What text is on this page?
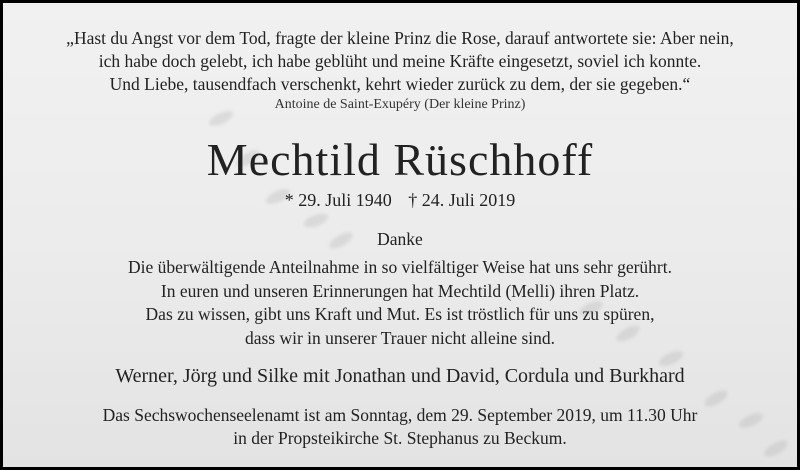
„Hast du Angst vor dem Tod, fragte der kleine Prinz die Rose, darauf antwortete sie: Aber nein,
ich habe doch gelebt, ich habe geblüht und meine Kräfte eingesetzt, soviel ich konnte.
Und Liebe, tausendfach verschenkt, kehrt wieder zurück zu dem, der sie gegeben.“

Antoine de Saint-Exupéry (Der kleine Prinz)
Mechtild Rüschhoff
* 29. Juli 1940 † 24. Juli 2019
Danke

Die überwältigende Anteilnahme in so vielfältiger Weise hat uns sehr gerührt.
In euren und unseren Erinnerungen hat Mechtild (Melli) ihren Platz.
Das zu wissen, gibt uns Kraft und Mut. Es ist tröstlich für uns zu spüren,
dass wir in unserer Trauer nicht alleine sind.

Werner, Jörg und Silke mit Jonathan und David, Cordula und Burkhard

Das Sechswochenseelenamt ist am Sonntag, dem 29. September 2019, um 11.30 Uhr
in der Propsteikirche St. Stephanus zu Beckum.
